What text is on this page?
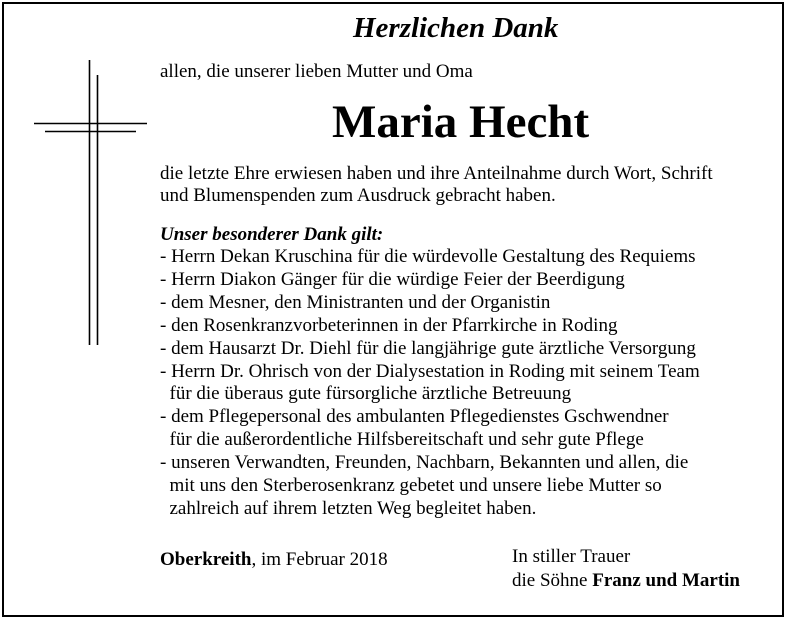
Herzlichen Dank
allen, die unserer lieben Mutter und Oma
Maria Hecht
die letzte Ehre erwiesen haben und ihre Anteilnahme durch Wort, Schrift
und Blumenspenden zum Ausdruck gebracht haben.
Unser besonderer Dank gilt:
- Herrn Dekan Kruschina für die würdevolle Gestaltung des Requiems
- Herrn Diakon Gänger für die würdige Feier der Beerdigung
- dem Mesner, den Ministranten und der Organistin
- den Rosenkranzvorbeterinnen in der Pfarrkirche in Roding
- dem Hausarzt Dr. Diehl für die langjährige gute ärztliche Versorgung
- Herrn Dr. Ohrisch von der Dialysestation in Roding mit seinem Team
für die überaus gute fürsorgliche ärztliche Betreuung
- dem Pflegepersonal des ambulanten Pflegedienstes Gschwendner
für die außerordentliche Hilfsbereitschaft und sehr gute Pflege
- unseren Verwandten, Freunden, Nachbarn, Bekannten und allen, die
mit uns den Sterberosenkranz gebetet und unsere liebe Mutter so
zahlreich auf ihrem letzten Weg begleitet haben.
Oberkreith, im Februar 2018	In stiller Trauer
die Söhne Franz und Martin
